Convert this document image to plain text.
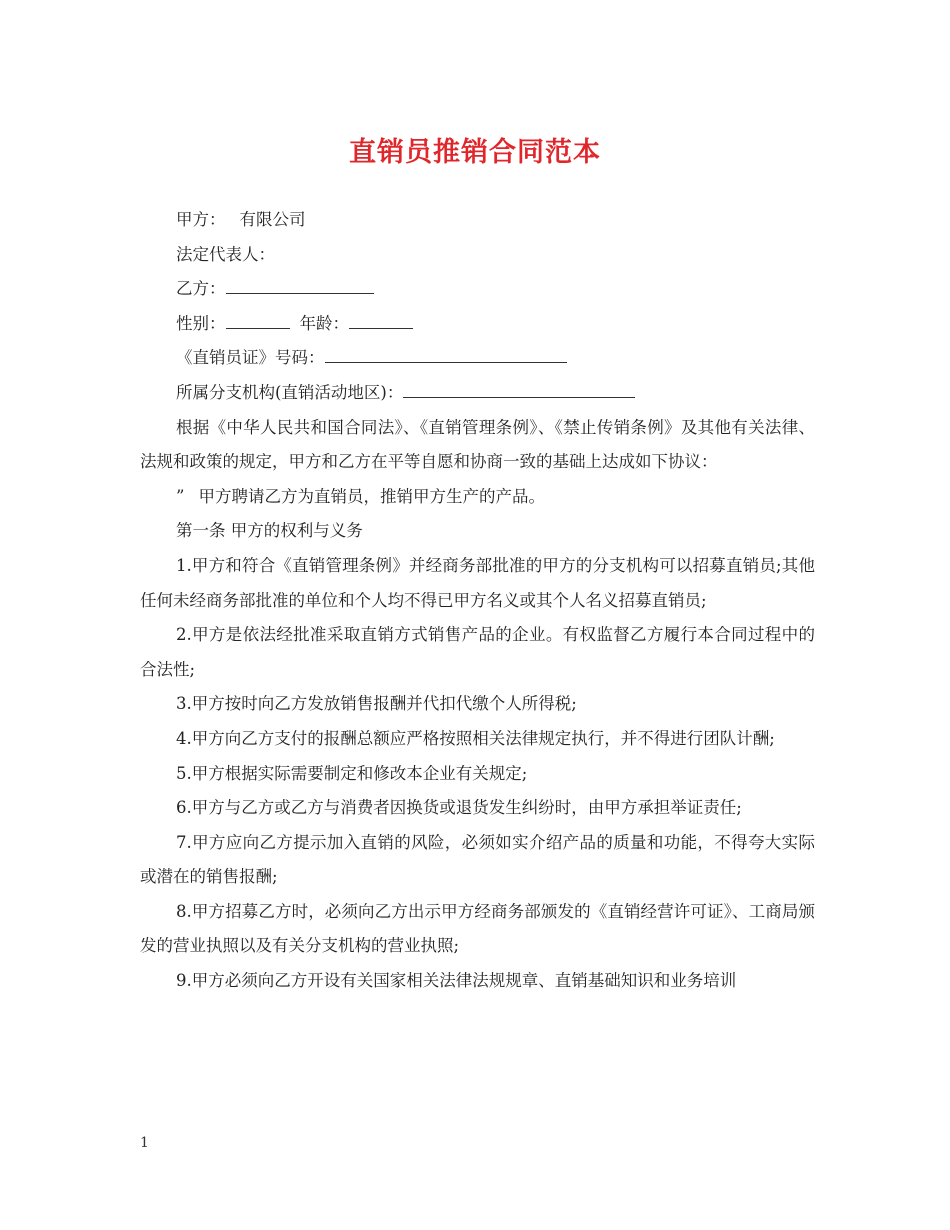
直销员推销合同范本
甲方： 有限公司
法定代表人：
乙方：
性别：	年龄：
《直销员证》号码：
所属分支机构(直销活动地区)：
根据《中华人民共和国合同法》、《直销管理条例》、《禁止传销条例》及其他有关法律、法规和政策的规定，甲方和乙方在平等自愿和协商一致的基础上达成如下协议：
” 甲方聘请乙方为直销员，推销甲方生产的产品。
第一条 甲方的权利与义务
1.甲方和符合《直销管理条例》并经商务部批准的甲方的分支机构可以招募直销员;其他任何未经商务部批准的单位和个人均不得已甲方名义或其个人名义招募直销员;
2.甲方是依法经批准采取直销方式销售产品的企业。有权监督乙方履行本合同过程中的合法性;
3.甲方按时向乙方发放销售报酬并代扣代缴个人所得税;
4.甲方向乙方支付的报酬总额应严格按照相关法律规定执行，并不得进行团队计酬;
5.甲方根据实际需要制定和修改本企业有关规定;
6.甲方与乙方或乙方与消费者因换货或退货发生纠纷时，由甲方承担举证责任;
7.甲方应向乙方提示加入直销的风险，必须如实介绍产品的质量和功能，不得夸大实际或潜在的销售报酬;
8.甲方招募乙方时，必须向乙方出示甲方经商务部颁发的《直销经营许可证》、工商局颁发的营业执照以及有关分支机构的营业执照;
9.甲方必须向乙方开设有关国家相关法律法规规章、直销基础知识和业务培训
1
